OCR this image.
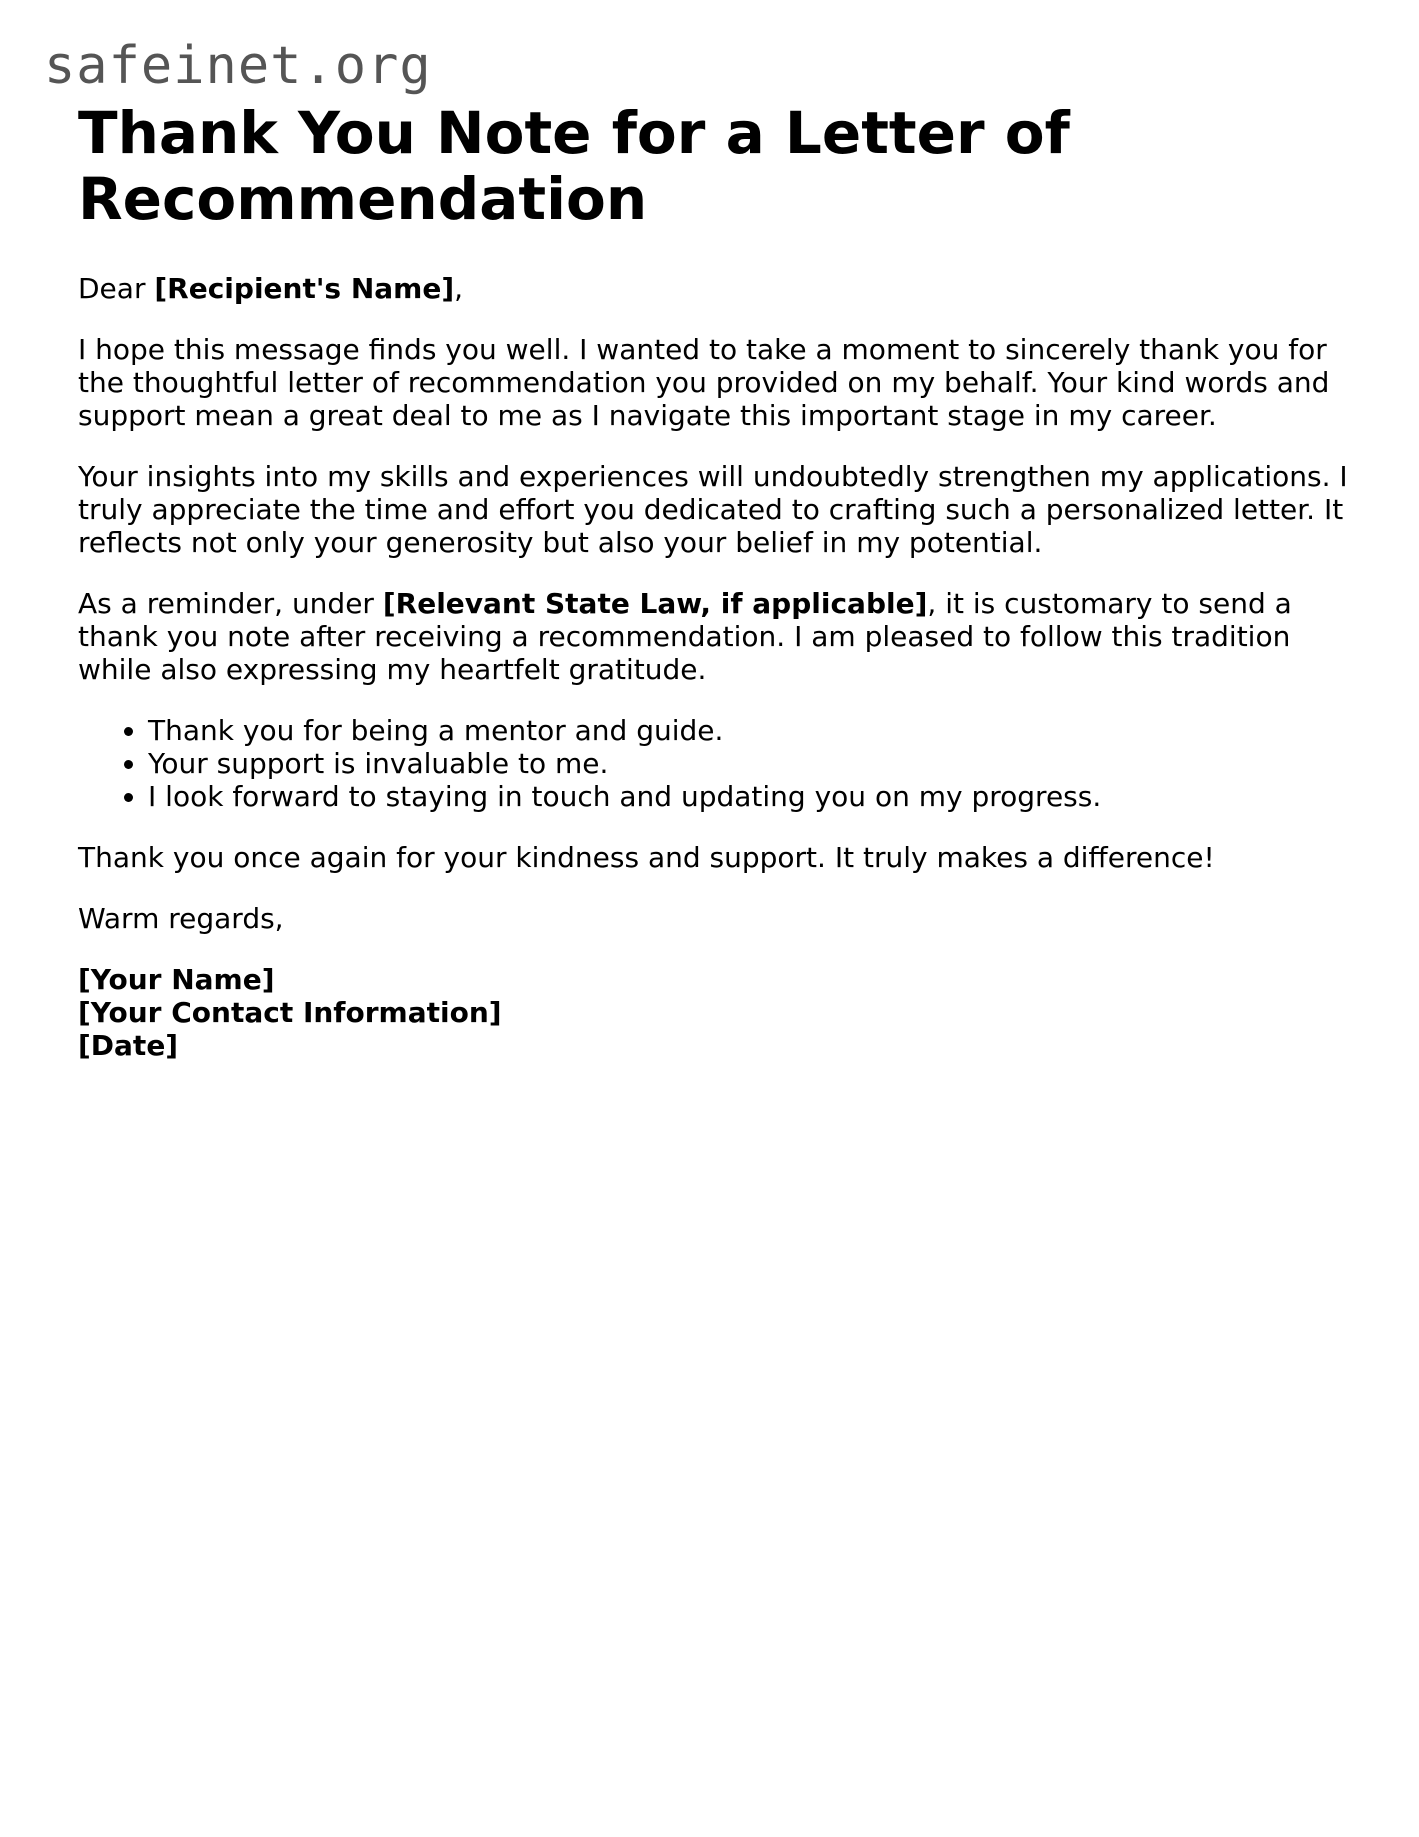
safeinet.org
Thank You Note for a Letter of Recommendation

Dear [Recipient's Name],

I hope this message finds you well. I wanted to take a moment to sincerely thank you for the thoughtful letter of recommendation you provided on my behalf. Your kind words and support mean a great deal to me as I navigate this important stage in my career.

Your insights into my skills and experiences will undoubtedly strengthen my applications. I truly appreciate the time and effort you dedicated to crafting such a personalized letter. It reflects not only your generosity but also your belief in my potential.

As a reminder, under [Relevant State Law, if applicable], it is customary to send a thank you note after receiving a recommendation. I am pleased to follow this tradition while also expressing my heartfelt gratitude.

• Thank you for being a mentor and guide.
• Your support is invaluable to me.
• I look forward to staying in touch and updating you on my progress.

Thank you once again for your kindness and support. It truly makes a difference!

Warm regards,

[Your Name]
[Your Contact Information]
[Date]
